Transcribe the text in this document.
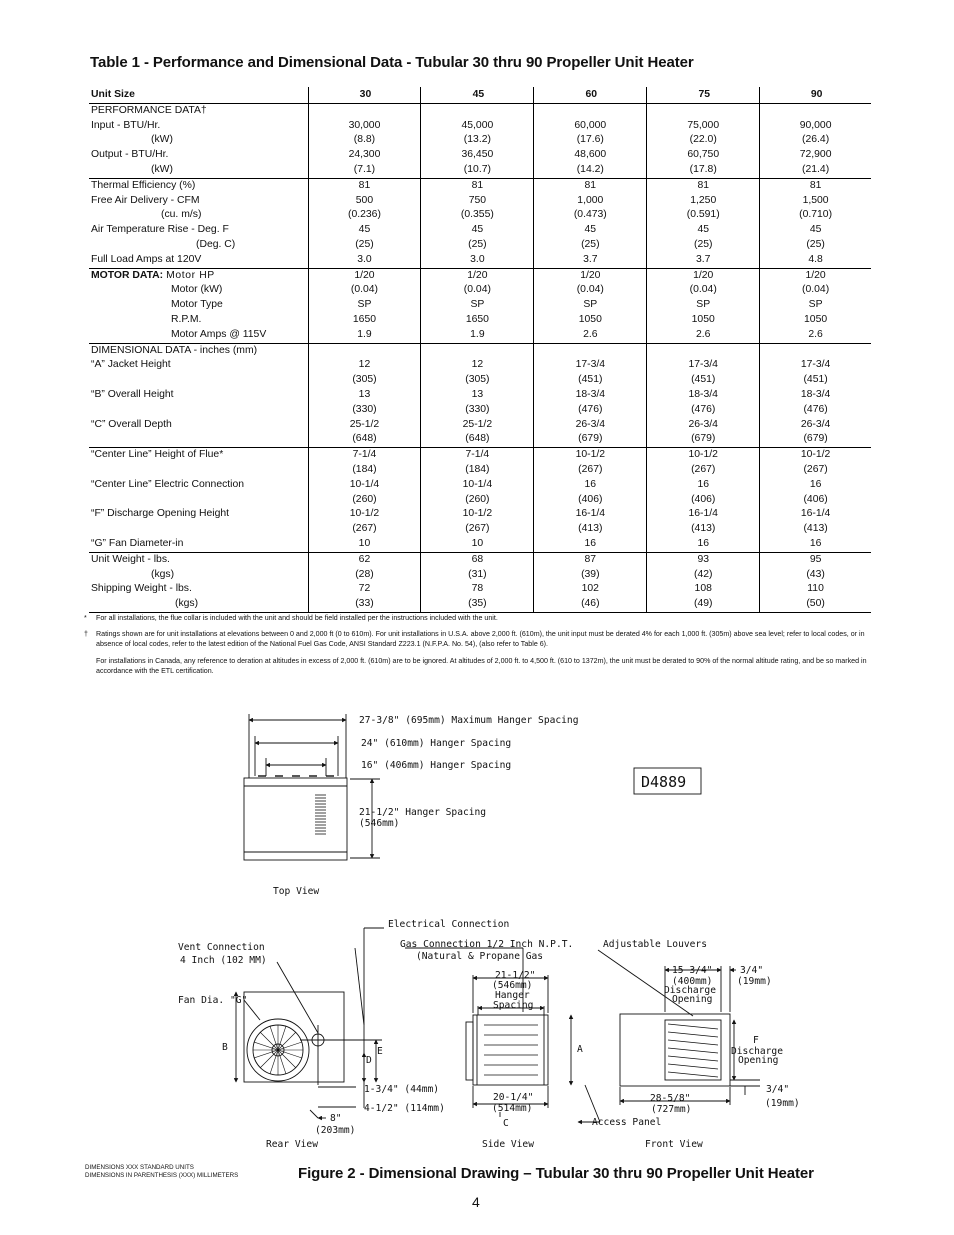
Table 1 - Performance and Dimensional Data - Tubular 30 thru 90 Propeller Unit Heater
Unit Size	30	45	60	75	90
PERFORMANCE DATA†					
Input - BTU/Hr.	30,000	45,000	60,000	75,000	90,000
(kW)	(8.8)	(13.2)	(17.6)	(22.0)	(26.4)
Output - BTU/Hr.	24,300	36,450	48,600	60,750	72,900
(kW)	(7.1)	(10.7)	(14.2)	(17.8)	(21.4)
Thermal Efficiency (%)	81	81	81	81	81
Free Air Delivery - CFM	500	750	1,000	1,250	1,500
(cu. m/s)	(0.236)	(0.355)	(0.473)	(0.591)	(0.710)
Air Temperature Rise - Deg. F	45	45	45	45	45
(Deg. C)	(25)	(25)	(25)	(25)	(25)
Full Load Amps at 120V	3.0	3.0	3.7	3.7	4.8
MOTOR DATA: Motor HP	1/20	1/20	1/20	1/20	1/20
Motor (kW)	(0.04)	(0.04)	(0.04)	(0.04)	(0.04)
Motor Type	SP	SP	SP	SP	SP
R.P.M.	1650	1650	1050	1050	1050
Motor Amps @ 115V	1.9	1.9	2.6	2.6	2.6
DIMENSIONAL DATA - inches (mm)					
“A” Jacket Height	12	12	17-3/4	17-3/4	17-3/4
	(305)	(305)	(451)	(451)	(451)
“B” Overall Height	13	13	18-3/4	18-3/4	18-3/4
	(330)	(330)	(476)	(476)	(476)
“C” Overall Depth	25-1/2	25-1/2	26-3/4	26-3/4	26-3/4
	(648)	(648)	(679)	(679)	(679)
“Center Line” Height of Flue*	7-1/4	7-1/4	10-1/2	10-1/2	10-1/2
	(184)	(184)	(267)	(267)	(267)
“Center Line” Electric Connection	10-1/4	10-1/4	16	16	16
	(260)	(260)	(406)	(406)	(406)
“F” Discharge Opening Height	10-1/2	10-1/2	16-1/4	16-1/4	16-1/4
	(267)	(267)	(413)	(413)	(413)
“G” Fan Diameter-in	10	10	16	16	16
Unit Weight - lbs.	62	68	87	93	95
(kgs)	(28)	(31)	(39)	(42)	(43)
Shipping Weight - lbs.	72	78	102	108	110
(kgs)	(33)	(35)	(46)	(49)	(50)
* For all installations, the flue collar is included with the unit and should be field installed per the instructions included with the unit.
† Ratings shown are for unit installations at elevations between 0 and 2,000 ft (0 to 610m). For unit installations in U.S.A. above 2,000 ft. (610m), the unit input must be derated 4% for each 1,000 ft. (305m) above sea level; refer to local codes, or in absence of local codes, refer to the latest edition of the National Fuel Gas Code, ANSI Standard Z223.1 (N.F.P.A. No. 54), (also refer to Table 6).
For installations in Canada, any reference to deration at altitudes in excess of 2,000 ft. (610m) are to be ignored. At altitudes of 2,000 ft. to 4,500 ft. (610 to 1372m), the unit must be derated to 90% of the normal altitude rating, and be so marked in accordance with the ETL certification.
27-3/8" (695mm) Maximum Hanger Spacing
24" (610mm) Hanger Spacing
16" (406mm) Hanger Spacing
21-1/2" Hanger Spacing
(546mm)
Top View
D4889
Electrical Connection
Vent Connection
4 Inch (102 MM)
Fan Dia. "G"
B
D
E
1-3/4" (44mm)
4-1/2" (114mm)
8"
(203mm)
Rear View
Gas Connection 1/2 Inch N.P.T.
(Natural & Propane Gas
21-1/2"
(546mm)
Hanger
Spacing
A
20-1/4"
(514mm)
C
Side View
Adjustable Louvers
15-3/4"
(400mm)
Discharge
Opening
3/4"
(19mm)
F
Discharge
Opening
3/4"
(19mm)
28-5/8"
(727mm)
Access Panel
Front View
DIMENSIONS XXX STANDARD UNITS
DIMENSIONS IN PARENTHESIS (XXX) MILLIMETERS	Figure 2 - Dimensional Drawing – Tubular 30 thru 90 Propeller Unit Heater
4
